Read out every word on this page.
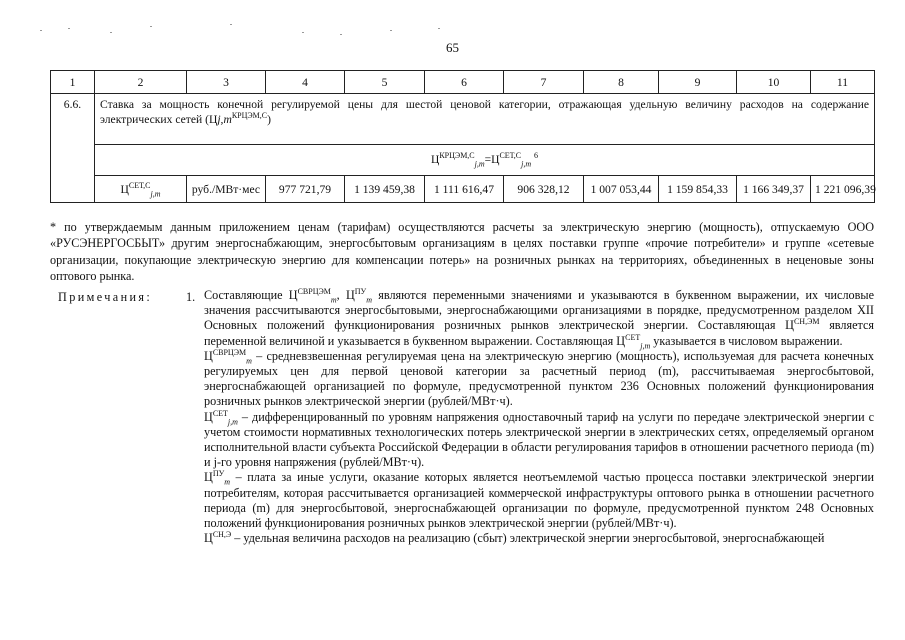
65
1	2	3	4	5	6	7	8	9	10	11
6.6.	Ставка за мощность конечной регулируемой цены для шестой ценовой категории, отражающая удельную величину расходов на содержание электрических сетей $(Цj,m^{КРЦЭМ,С})$									
	$Ц^{КРЦЭМ,С}_{j,m}=Ц^{СЕТ,С}_{j,m}$ $^6$
	$Ц^{СЕТ,С}_{j,m}$	руб./МВт·мес	977 721,79	1 139 459,38	1 111 616,47	906 328,12	1 007 053,44	1 159 854,33	1 166 349,37	1 221 096,39
* по утверждаемым данным приложением ценам (тарифам) осуществляются расчеты за электрическую энергию (мощность), отпускаемую ООО «РУСЭНЕРГОСБЫТ» другим энергоснабжающим, энергосбытовым организациям в целях поставки группе «прочие потребители» и группе «сетевые организации, покупающие электрическую энергию для компенсации потерь» на розничных рынках на территориях, объединенных в неценовые зоны оптового рынка.
Примечания:	1. Составляющие $Ц^{СВРЦЭМ}_m$, $Ц^{ПУ}_m$ являются переменными значениями и указываются в буквенном выражении, их числовые значения рассчитываются энергосбытовыми, энергоснабжающими организациями в порядке, предусмотренном разделом XII Основных положений функционирования розничных рынков электрической энергии. Составляющая $Ц^{СН,ЭМ}$ является переменной величиной и указывается в буквенном выражении. Составляющая $Ц^{СЕТ}_{j,m}$ указывается в числовом выражении.

$Ц^{СВРЦЭМ}_m$ – средневзвешенная регулируемая цена на электрическую энергию (мощность), используемая для расчета конечных регулируемых цен для первой ценовой категории за расчетный период (m), рассчитываемая энергосбытовой, энергоснабжающей организацией по формуле, предусмотренной пунктом 236 Основных положений функционирования розничных рынков электрической энергии (рублей/МВт·ч).

$Ц^{СЕТ}_{j,m}$ – дифференцированный по уровням напряжения одноставочный тариф на услуги по передаче электрической энергии с учетом стоимости нормативных технологических потерь электрической энергии в электрических сетях, определяемый органом исполнительной власти субъекта Российской Федерации в области регулирования тарифов в отношении расчетного периода (m) и j-го уровня напряжения (рублей/МВт·ч).

$Ц^{ПУ}_m$ – плата за иные услуги, оказание которых является неотъемлемой частью процесса поставки электрической энергии потребителям, которая рассчитывается организацией коммерческой инфраструктуры оптового рынка в отношении расчетного периода (m) для энергосбытовой, энергоснабжающей организации по формуле, предусмотренной пунктом 248 Основных положений функционирования розничных рынков электрической энергии (рублей/МВт·ч).

$Ц^{СН,Э}$ – удельная величина расходов на реализацию (сбыт) электрической энергии энергосбытовой, энергоснабжающей
